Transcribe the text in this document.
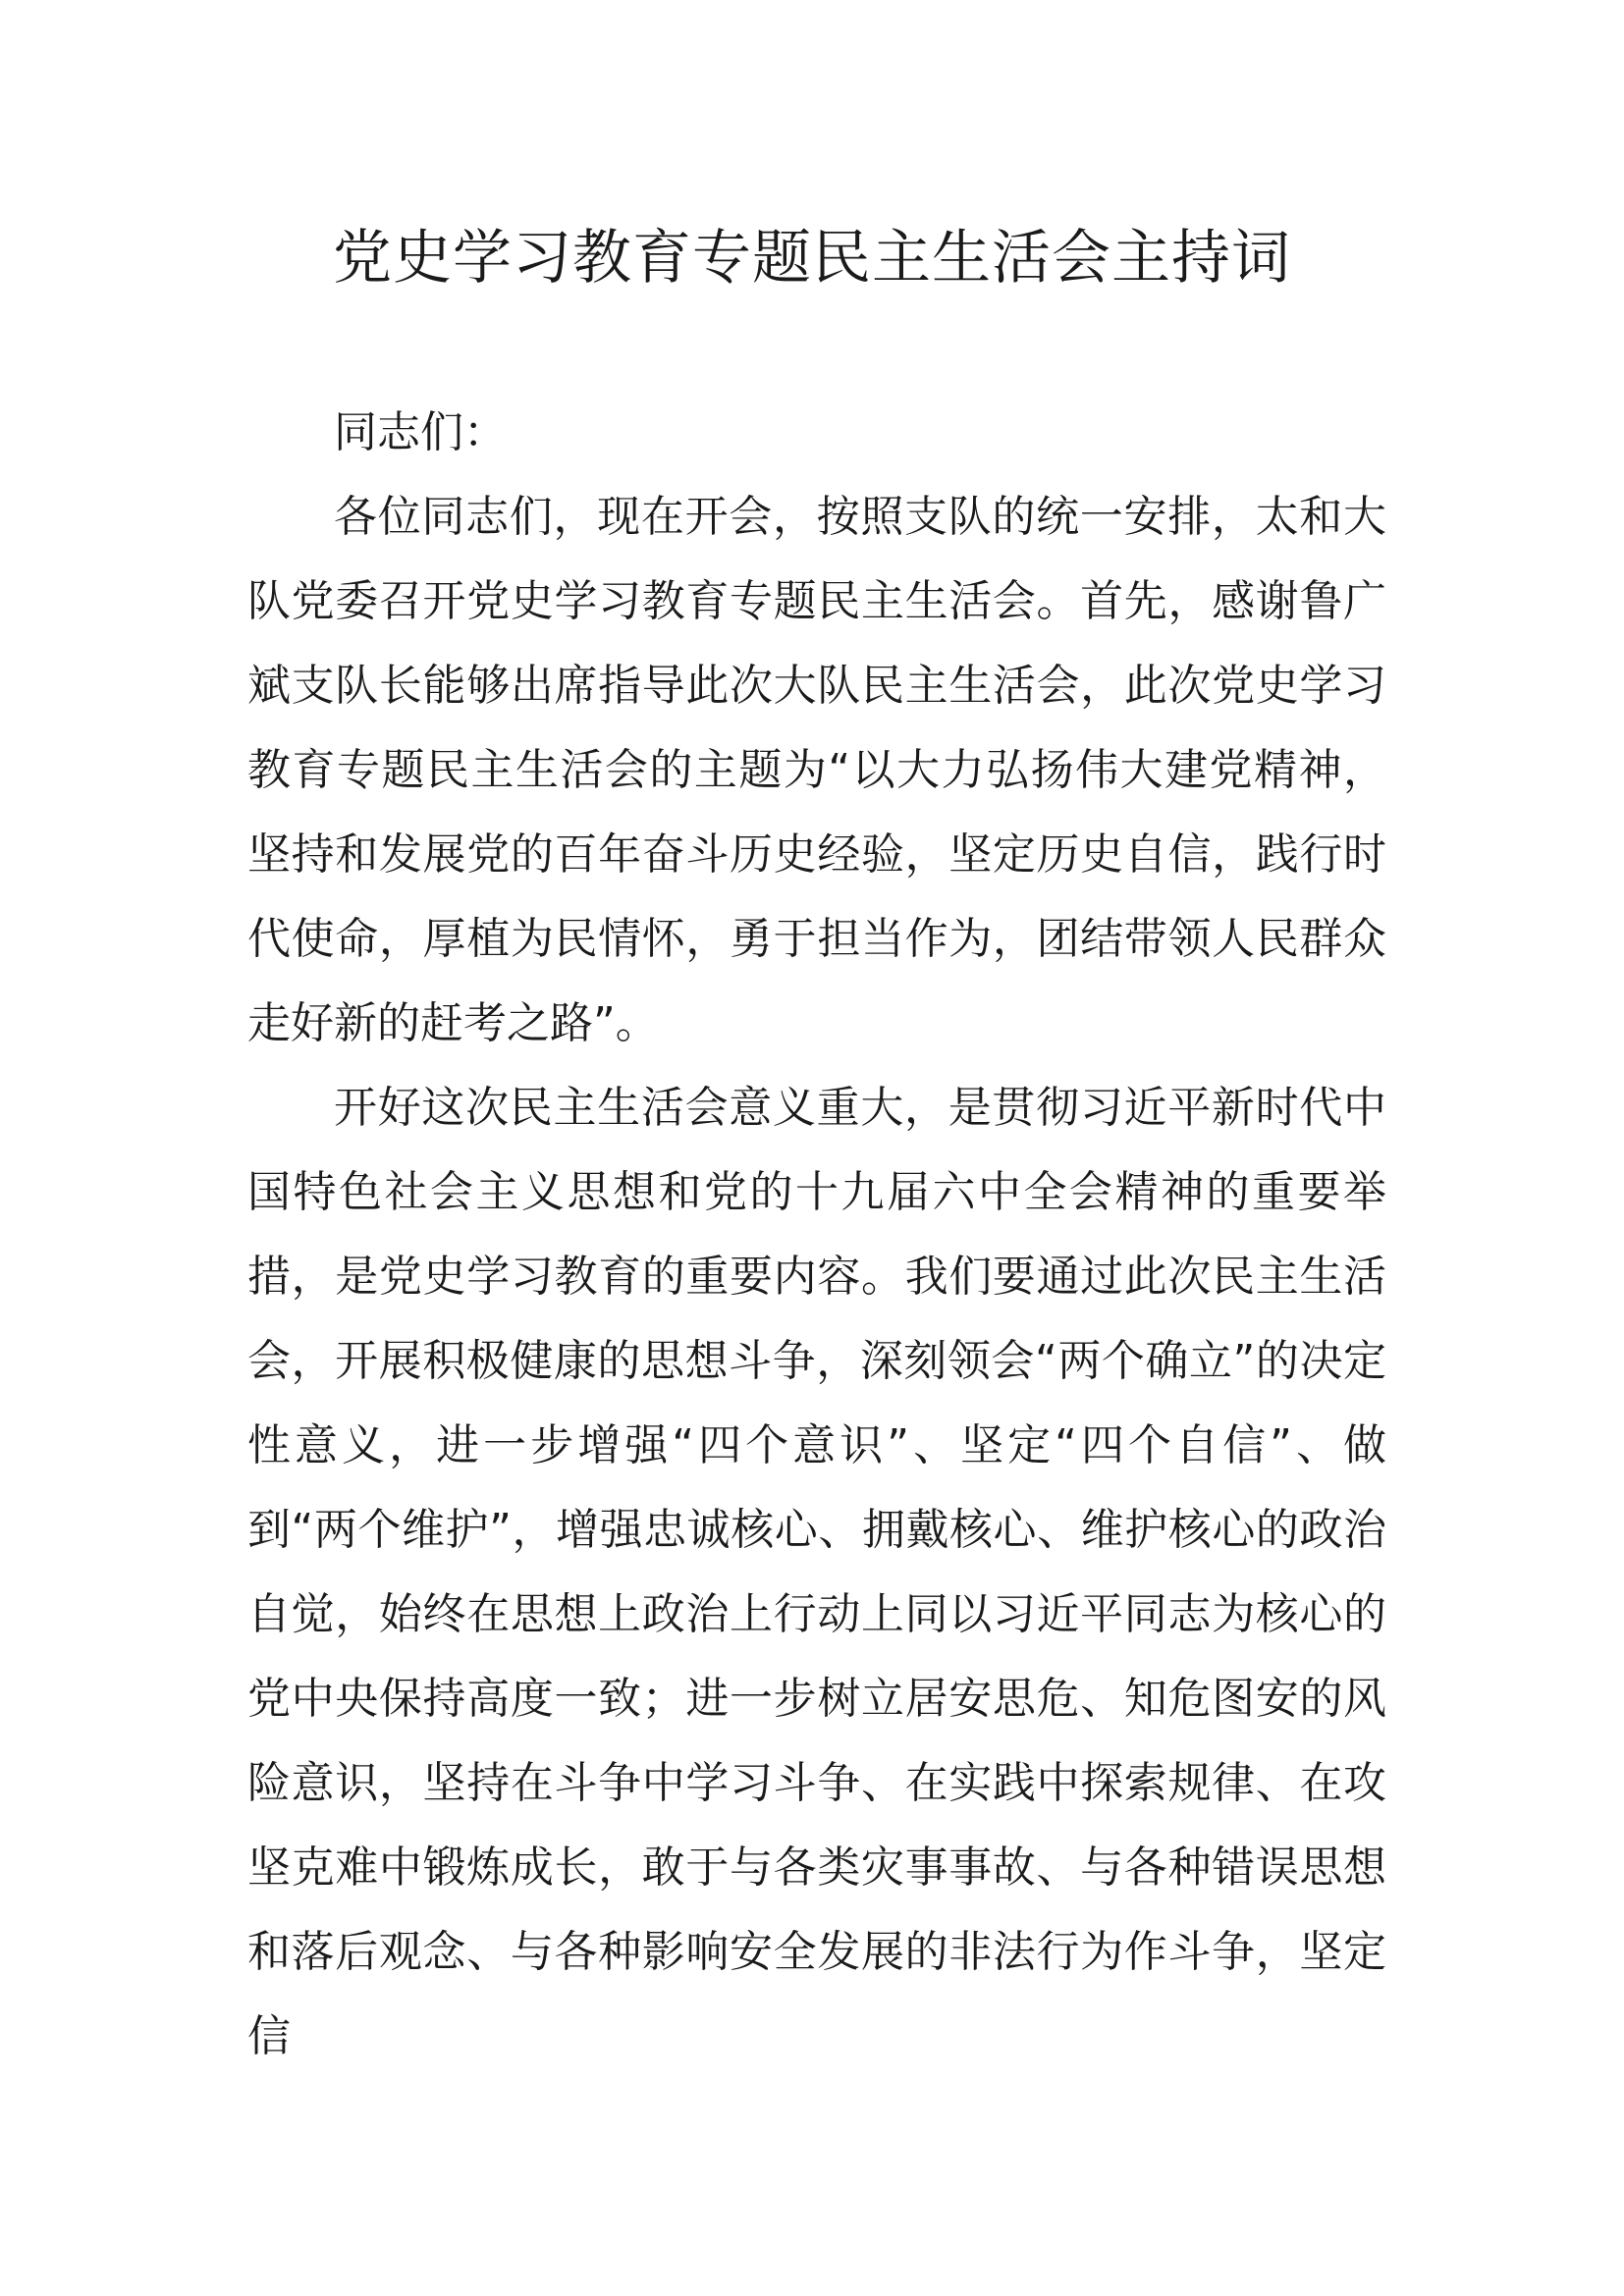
党史学习教育专题民主生活会主持词

同志们：

各位同志们，现在开会，按照支队的统一安排，太和大队党委召开党史学习教育专题民主生活会。首先，感谢鲁广斌支队长能够出席指导此次大队民主生活会，此次党史学习教育专题民主生活会的主题为“以大力弘扬伟大建党精神，坚持和发展党的百年奋斗历史经验，坚定历史自信，践行时代使命，厚植为民情怀，勇于担当作为，团结带领人民群众走好新的赶考之路”。

开好这次民主生活会意义重大，是贯彻习近平新时代中国特色社会主义思想和党的十九届六中全会精神的重要举措，是党史学习教育的重要内容。我们要通过此次民主生活会，开展积极健康的思想斗争，深刻领会“两个确立”的决定性意义，进一步增强“四个意识”、坚定“四个自信”、做到“两个维护”，增强忠诚核心、拥戴核心、维护核心的政治自觉，始终在思想上政治上行动上同以习近平同志为核心的党中央保持高度一致；进一步树立居安思危、知危图安的风险意识，坚持在斗争中学习斗争、在实践中探索规律、在攻坚克难中锻炼成长，敢于与各类灾事事故、与各种错误思想和落后观念、与各种影响安全发展的非法行为作斗争，坚定信
